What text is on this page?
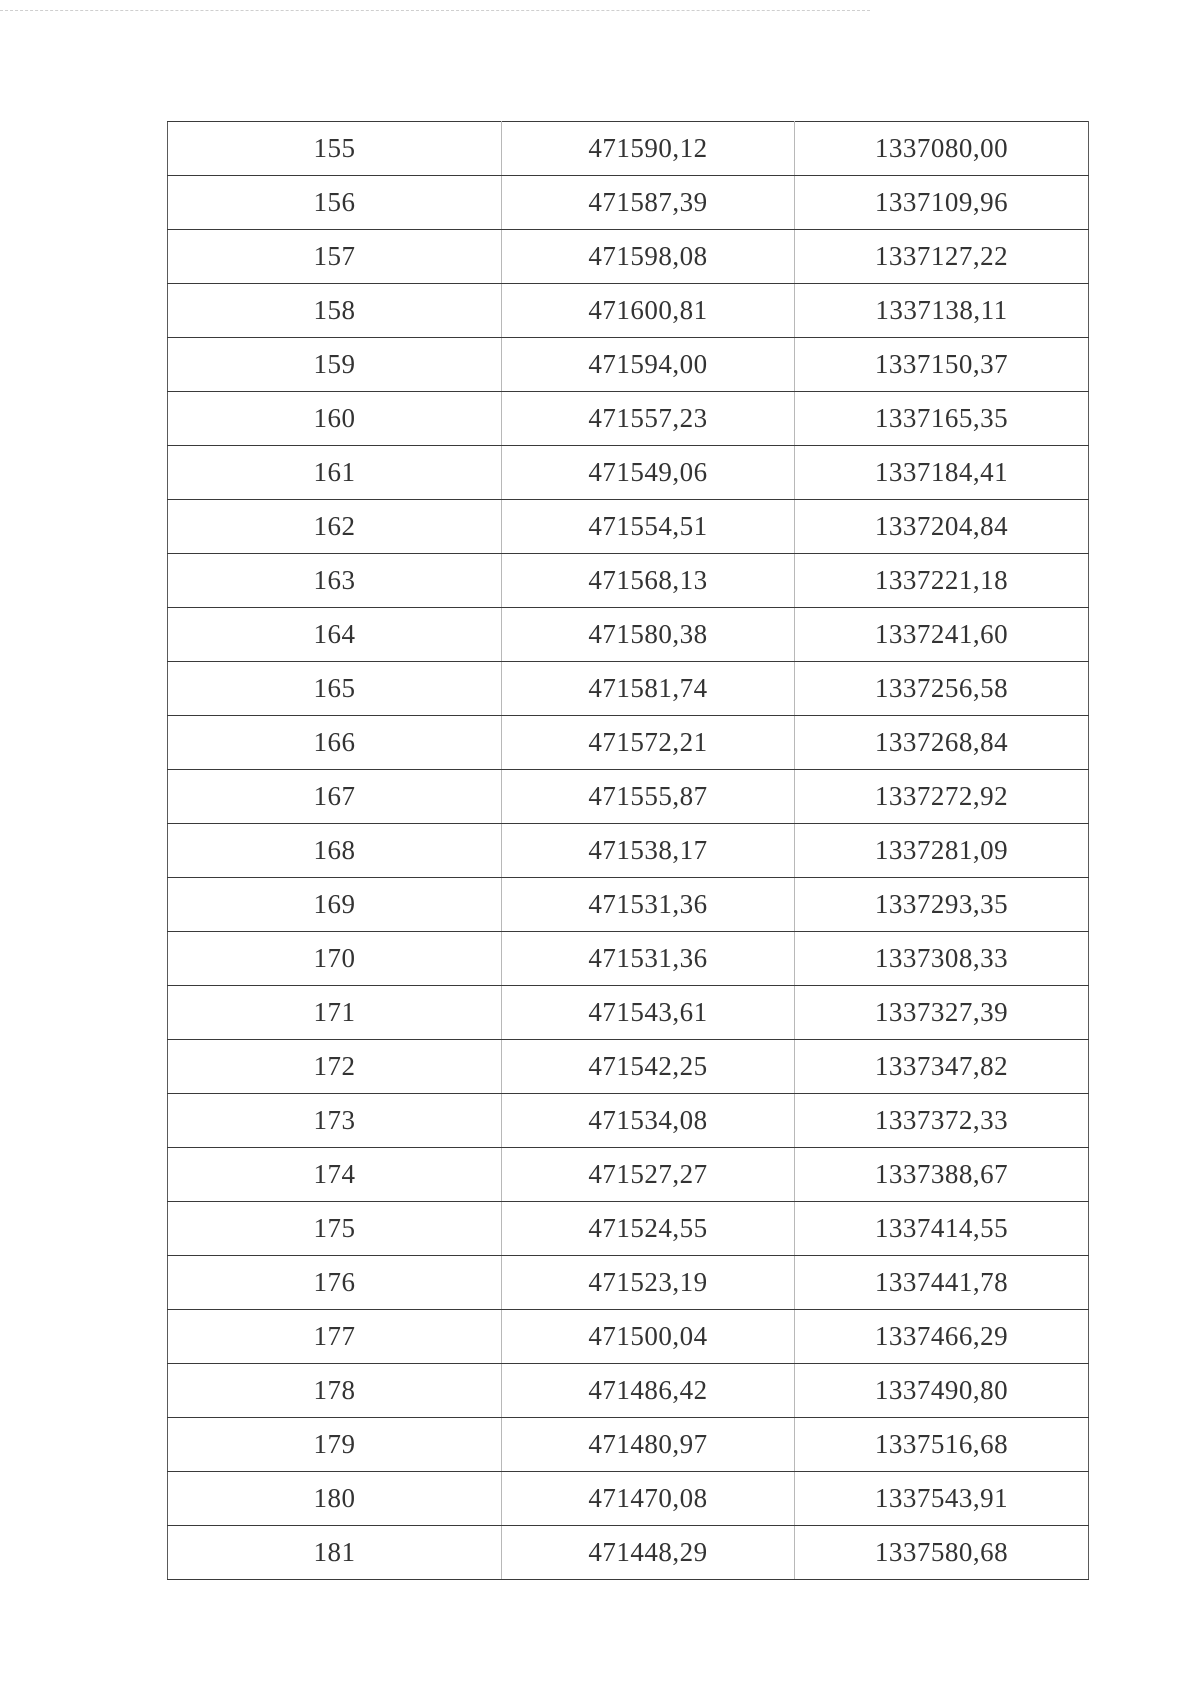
155	471590,12	1337080,00
156	471587,39	1337109,96
157	471598,08	1337127,22
158	471600,81	1337138,11
159	471594,00	1337150,37
160	471557,23	1337165,35
161	471549,06	1337184,41
162	471554,51	1337204,84
163	471568,13	1337221,18
164	471580,38	1337241,60
165	471581,74	1337256,58
166	471572,21	1337268,84
167	471555,87	1337272,92
168	471538,17	1337281,09
169	471531,36	1337293,35
170	471531,36	1337308,33
171	471543,61	1337327,39
172	471542,25	1337347,82
173	471534,08	1337372,33
174	471527,27	1337388,67
175	471524,55	1337414,55
176	471523,19	1337441,78
177	471500,04	1337466,29
178	471486,42	1337490,80
179	471480,97	1337516,68
180	471470,08	1337543,91
181	471448,29	1337580,68
